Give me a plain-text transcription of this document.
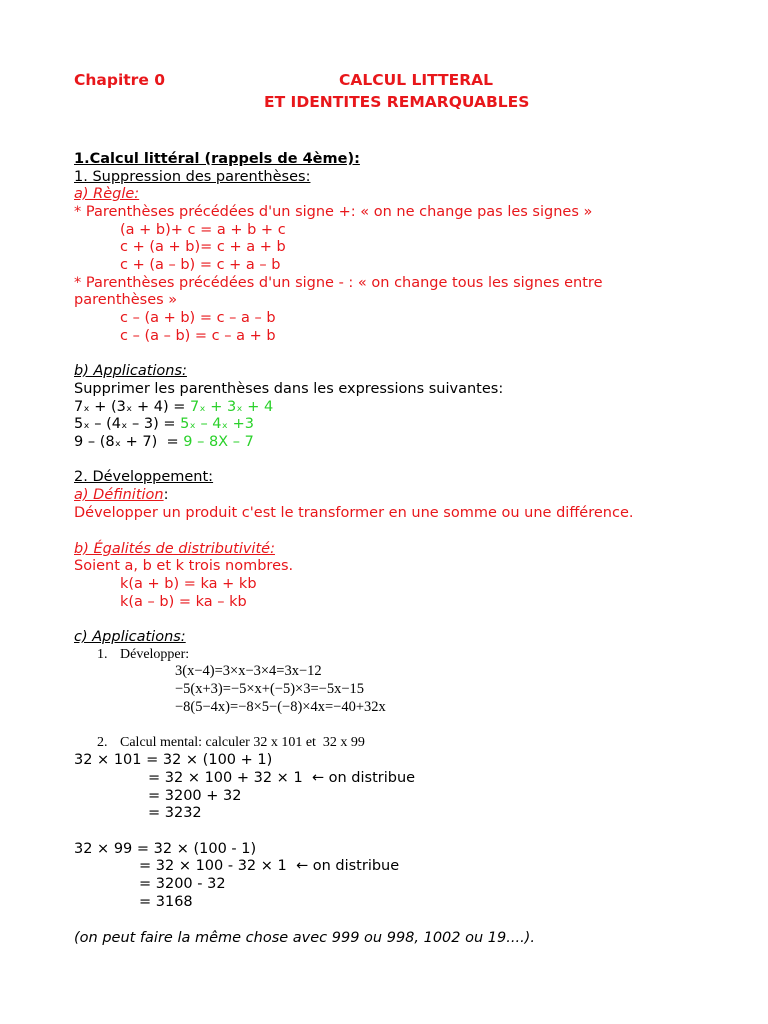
Chapitre 0	CALCUL LITTERAL
ET IDENTITES REMARQUABLES
1.Calcul littéral (rappels de 4ème):
1. Suppression des parenthèses:
a) Règle:
* Parenthèses précédées d'un signe +: « on ne change pas les signes »
(a + b)+ c = a + b + c
c + (a + b)= c + a + b
c + (a – b) = c + a – b
* Parenthèses précédées d'un signe - : « on change tous les signes entre
parenthèses »
c – (a + b) = c – a – b
c – (a – b) = c – a + b
b) Applications:
Supprimer les parenthèses dans les expressions suivantes:
7ₓ + (3ₓ + 4) = 7ₓ + 3ₓ + 4
5ₓ – (4ₓ – 3) = 5ₓ – 4ₓ +3
9 – (8ₓ + 7)  = 9 – 8X – 7
2. Développement:
a) Définition:
Développer un produit c'est le transformer en une somme ou une différence.
b) Égalités de distributivité:
Soient a, b et k trois nombres.
k(a + b) = ka + kb
k(a – b) = ka – kb
c) Applications:
1. Développer:
3(x−4)=3×x−3×4=3x−12
−5(x+3)=−5×x+(−5)×3=−5x−15
−8(5−4x)=−8×5−(−8)×4x=−40+32x
2. Calcul mental: calculer 32 x 101 et  32 x 99
32 × 101 = 32 × (100 + 1)
= 32 × 100 + 32 × 1  ← on distribue
= 3200 + 32
= 3232
32 × 99 = 32 × (100 - 1)
= 32 × 100 - 32 × 1  ← on distribue
= 3200 - 32
= 3168
(on peut faire la même chose avec 999 ou 998, 1002 ou 19....).
